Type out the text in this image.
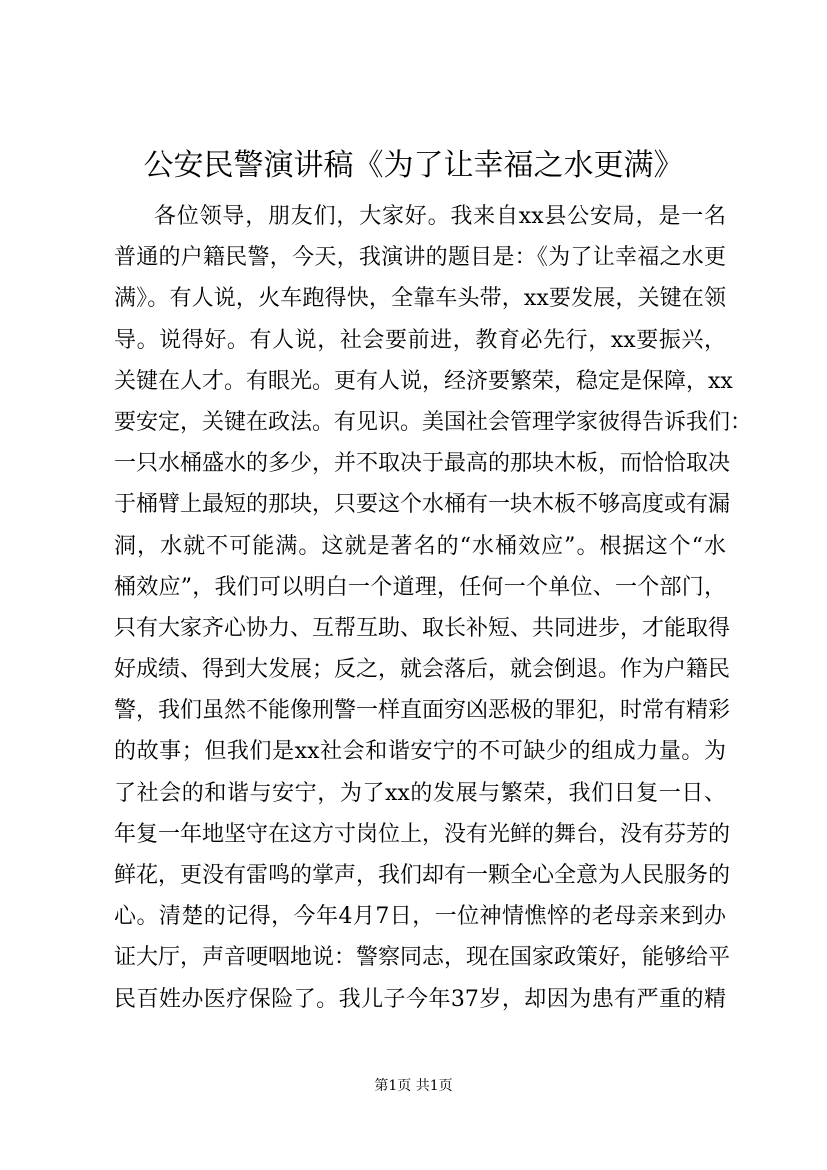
公安民警演讲稿《为了让幸福之水更满》
各位领导，朋友们，大家好。我来自xx县公安局，是一名
普通的户籍民警，今天，我演讲的题目是：《为了让幸福之水更
满》。有人说，火车跑得快，全靠车头带，xx要发展，关键在领
导。说得好。有人说，社会要前进，教育必先行，xx要振兴，
关键在人才。有眼光。更有人说，经济要繁荣，稳定是保障，xx
要安定，关键在政法。有见识。美国社会管理学家彼得告诉我们：
一只水桶盛水的多少，并不取决于最高的那块木板，而恰恰取决
于桶臂上最短的那块，只要这个水桶有一块木板不够高度或有漏
洞，水就不可能满。这就是著名的“水桶效应”。根据这个“水
桶效应”，我们可以明白一个道理，任何一个单位、一个部门，
只有大家齐心协力、互帮互助、取长补短、共同进步，才能取得
好成绩、得到大发展；反之，就会落后，就会倒退。作为户籍民
警，我们虽然不能像刑警一样直面穷凶恶极的罪犯，时常有精彩
的故事；但我们是xx社会和谐安宁的不可缺少的组成力量。为
了社会的和谐与安宁，为了xx的发展与繁荣，我们日复一日、
年复一年地坚守在这方寸岗位上，没有光鲜的舞台，没有芬芳的
鲜花，更没有雷鸣的掌声，我们却有一颗全心全意为人民服务的
心。清楚的记得，今年4月7日，一位神情憔悴的老母亲来到办
证大厅，声音哽咽地说：警察同志，现在国家政策好，能够给平
民百姓办医疗保险了。我儿子今年37岁，却因为患有严重的精
第1页 共1页
